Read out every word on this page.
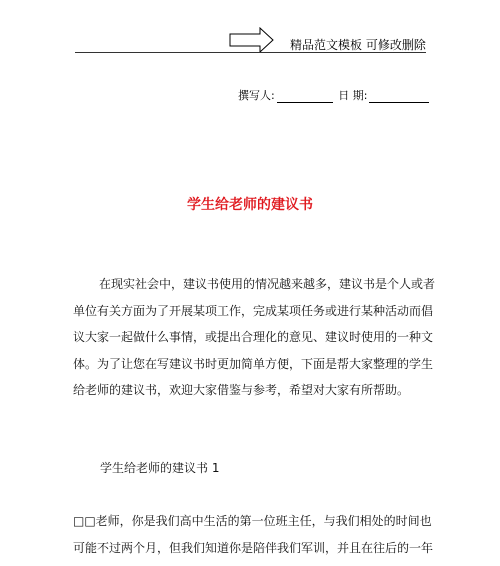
精品范文模板 可修改删除
撰写人:	日 期:
学生给老师的建议书
在现实社会中，建议书使用的情况越来越多，建议书是个人或者
单位有关方面为了开展某项工作，完成某项任务或进行某种活动而倡
议大家一起做什么事情，或提出合理化的意见、建议时使用的一种文
体。为了让您在写建议书时更加简单方便，下面是帮大家整理的学生
给老师的建议书，欢迎大家借鉴与参考，希望对大家有所帮助。
学生给老师的建议书 1
□□老师，你是我们高中生活的第一位班主任，与我们相处的时间也
可能不过两个月，但我们知道你是陪伴我们军训，并且在往后的一年
